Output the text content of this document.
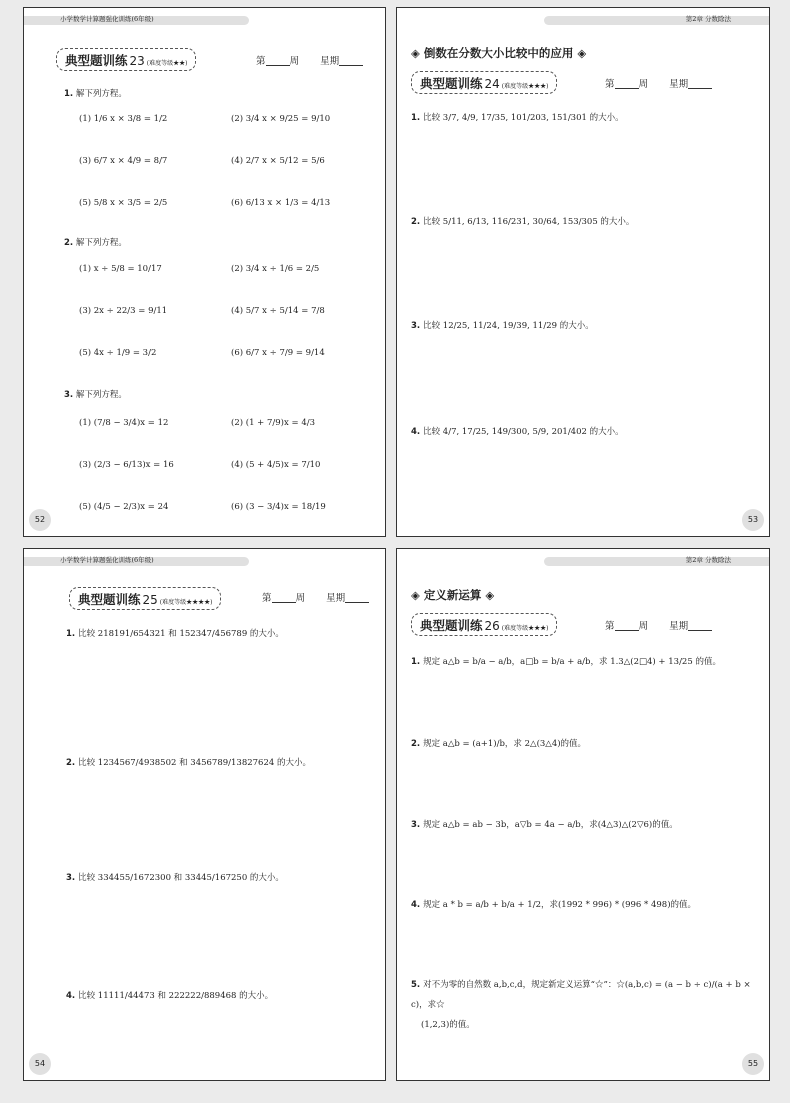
小学数学计算题强化训练(6年级)
典型题训练 23 (难度等级★★)	第	周 星期
1. 解下列方程。
2. 解下列方程。
3. 解下列方程。
52
(1) 1/6 x × 3/8 = 1/2	(2) 3/4 x × 9/25 = 9/10
(3) 6/7 x × 4/9 = 8/7	(4) 2/7 x × 5/12 = 5/6
(5) 5/8 x × 3/5 = 2/5	(6) 6/13 x × 1/3 = 4/13
(1) x ÷ 5/8 = 10/17	(2) 3/4 x ÷ 1/6 = 2/5
(3) 2x ÷ 22/3 = 9/11	(4) 5/7 x ÷ 5/14 = 7/8
(5) 4x ÷ 1/9 = 3/2	(6) 6/7 x ÷ 7/9 = 9/14
(1) (7/8 − 3/4)x = 12	(2) (1 + 7/9)x = 4/3
(3) (2/3 − 6/13)x = 16	(4) (5 + 4/5)x = 7/10
(5) (4/5 − 2/3)x = 24	(6) (3 − 3/4)x = 18/19
第2章 分数除法
◈ 倒数在分数大小比较中的应用 ◈
典型题训练 24 (难度等级★★★)	第	周 星期
53
1. 比较 3/7, 4/9, 17/35, 101/203, 151/301 的大小。
2. 比较 5/11, 6/13, 116/231, 30/64, 153/305 的大小。
3. 比较 12/25, 11/24, 19/39, 11/29 的大小。
4. 比较 4/7, 17/25, 149/300, 5/9, 201/402 的大小。
小学数学计算题强化训练(6年级)
典型题训练 25 (难度等级★★★★)	第	周 星期
54
1. 比较 218191/654321 和 152347/456789 的大小。
2. 比较 1234567/4938502 和 3456789/13827624 的大小。
3. 比较 334455/1672300 和 33445/167250 的大小。
4. 比较 11111/44473 和 222222/889468 的大小。
第2章 分数除法
◈ 定义新运算 ◈
典型题训练 26 (难度等级★★★)	第	周 星期
55
1. 规定 a△b = b/a − a/b，a□b = b/a + a/b，求 1.3△(2□4) + 13/25 的值。
2. 规定 a△b = (a+1)/b，求 2△(3△4)的值。
3. 规定 a△b = ab − 3b，a▽b = 4a − a/b，求(4△3)△(2▽6)的值。
4. 规定 a * b = a/b + b/a + 1/2，求(1992 * 996) * (996 * 498)的值。
5. 对不为零的自然数 a,b,c,d，规定新定义运算“☆”：☆(a,b,c) = (a − b ÷ c)/(a + b × c)，求☆
(1,2,3)的值。
